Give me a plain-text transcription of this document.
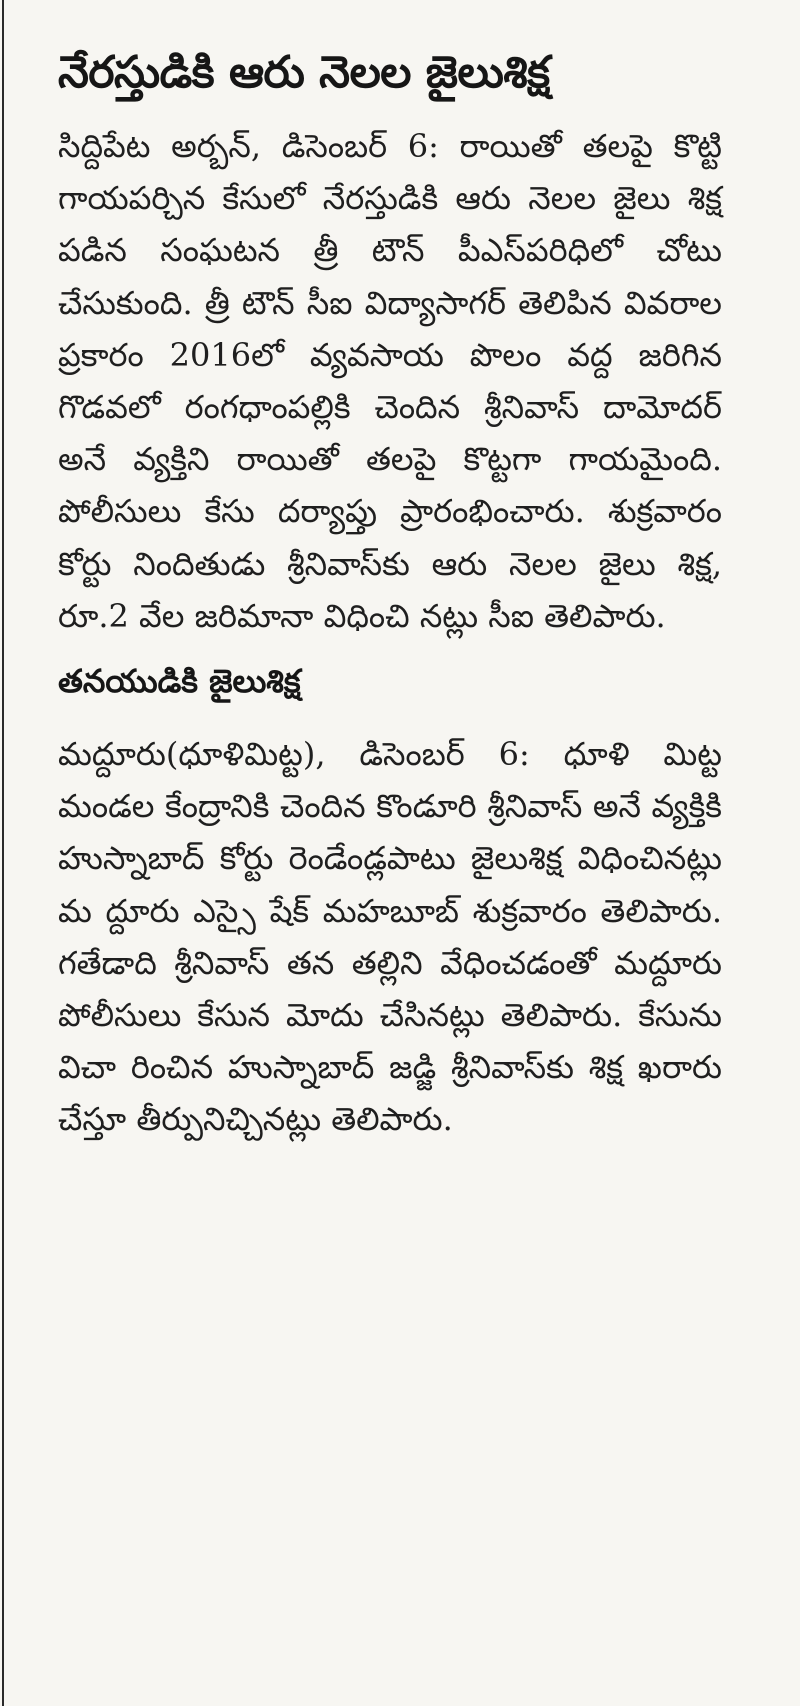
నేరస్తుడికి ఆరు నెలల జైలుశిక్ష

సిద్దిపేట అర్బన్, డిసెంబర్ 6: రాయితో తలపై కొట్టి గాయపర్చిన కేసులో నేరస్తుడికి ఆరు నెలల జైలు శిక్ష పడిన సంఘటన త్రీ టౌన్ పీఎస్‌పరిధిలో చోటు చేసుకుంది. త్రీ టౌన్ సీఐ విద్యాసాగర్ తెలిపిన వివరాల ప్రకారం 2016లో వ్యవసాయ పొలం వద్ద జరిగిన గొడవలో రంగధాంపల్లికి చెందిన శ్రీనివాస్ దామోదర్ అనే వ్యక్తిని రాయితో తలపై కొట్టగా గాయమైంది. పోలీసులు కేసు దర్యాప్తు ప్రారంభించారు. శుక్రవారం కోర్టు నిందితుడు శ్రీనివాస్‌కు ఆరు నెలల జైలు శిక్ష, రూ.2 వేల జరిమానా విధించి నట్లు సీఐ తెలిపారు.

తనయుడికి జైలుశిక్ష

మద్దూరు(ధూళిమిట్ట), డిసెంబర్ 6: ధూళి మిట్ట మండల కేంద్రానికి చెందిన కొండూరి శ్రీనివాస్ అనే వ్యక్తికి హుస్నాబాద్ కోర్టు రెండేండ్లపాటు జైలుశిక్ష విధించినట్లు మ ద్దూరు ఎస్సై షేక్ మహబూబ్ శుక్రవారం తెలిపారు. గతేడాది శ్రీనివాస్ తన తల్లిని వేధించడంతో మద్దూరు పోలీసులు కేసున మోదు చేసినట్లు తెలిపారు. కేసును విచా రించిన హుస్నాబాద్ జడ్జి శ్రీనివాస్‌కు శిక్ష ఖరారు చేస్తూ తీర్పునిచ్చినట్లు తెలిపారు.
